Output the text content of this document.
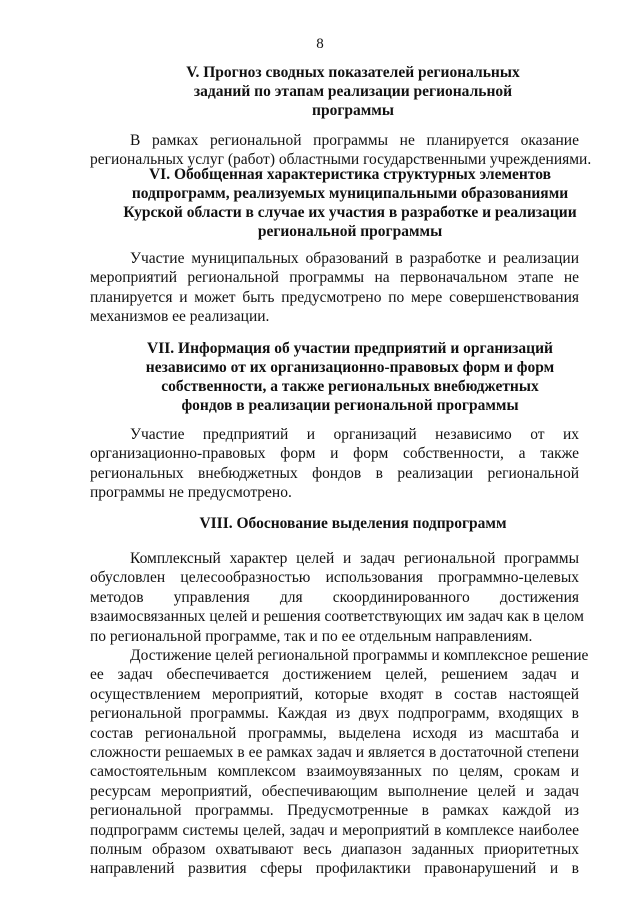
8
V. Прогноз сводных показателей региональных
заданий по этапам реализации региональной
программы
В рамках региональной программы не планируется оказание
региональных услуг (работ) областными государственными учреждениями.
VI. Обобщенная характеристика структурных элементов
подпрограмм, реализуемых муниципальными образованиями
Курской области в случае их участия в разработке и реализации
региональной программы
Участие муниципальных образований в разработке и реализации
мероприятий региональной программы на первоначальном этапе не
планируется и может быть предусмотрено по мере совершенствования
механизмов ее реализации.
VII. Информация об участии предприятий и организаций
независимо от их организационно-правовых форм и форм
собственности, а также региональных внебюджетных
фондов в реализации региональной программы
Участие предприятий и организаций независимо от их
организационно-правовых форм и форм собственности, а также
региональных внебюджетных фондов в реализации региональной
программы не предусмотрено.
VIII. Обоснование выделения подпрограмм
Комплексный характер целей и задач региональной программы
обусловлен целесообразностью использования программно-целевых
методов управления для скоординированного достижения
взаимосвязанных целей и решения соответствующих им задач как в целом
по региональной программе, так и по ее отдельным направлениям.
Достижение целей региональной программы и комплексное решение
ее задач обеспечивается достижением целей, решением задач и
осуществлением мероприятий, которые входят в состав настоящей
региональной программы. Каждая из двух подпрограмм, входящих в
состав региональной программы, выделена исходя из масштаба и
сложности решаемых в ее рамках задач и является в достаточной степени
самостоятельным комплексом взаимоувязанных по целям, срокам и
ресурсам мероприятий, обеспечивающим выполнение целей и задач
региональной программы. Предусмотренные в рамках каждой из
подпрограмм системы целей, задач и мероприятий в комплексе наиболее
полным образом охватывают весь диапазон заданных приоритетных
направлений развития сферы профилактики правонарушений и в
